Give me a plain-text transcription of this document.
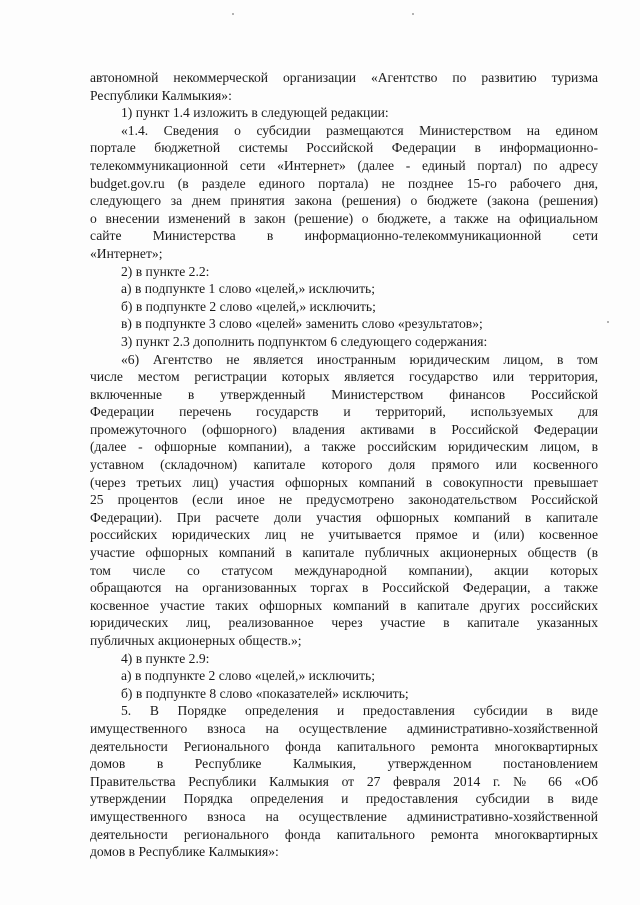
автономной некоммерческой организации «Агентство по развитию туризма
Республики Калмыкия»:
1) пункт 1.4 изложить в следующей редакции:
«1.4. Сведения о субсидии размещаются Министерством на едином
портале бюджетной системы Российской Федерации в информационно-
телекоммуникационной сети «Интернет» (далее - единый портал) по адресу
budget.gov.ru (в разделе единого портала) не позднее 15-го рабочего дня,
следующего за днем принятия закона (решения) о бюджете (закона (решения)
о внесении изменений в закон (решение) о бюджете, а также на официальном
сайте Министерства в информационно-телекоммуникационной сети
«Интернет»;
2) в пункте 2.2:
а) в подпункте 1 слово «целей,» исключить;
б) в подпункте 2 слово «целей,» исключить;
в) в подпункте 3 слово «целей» заменить слово «результатов»;
3) пункт 2.3 дополнить подпунктом 6 следующего содержания:
«6) Агентство не является иностранным юридическим лицом, в том
числе местом регистрации которых является государство или территория,
включенные в утвержденный Министерством финансов Российской
Федерации перечень государств и территорий, используемых для
промежуточного (офшорного) владения активами в Российской Федерации
(далее - офшорные компании), а также российским юридическим лицом, в
уставном (складочном) капитале которого доля прямого или косвенного
(через третьих лиц) участия офшорных компаний в совокупности превышает
25 процентов (если иное не предусмотрено законодательством Российской
Федерации). При расчете доли участия офшорных компаний в капитале
российских юридических лиц не учитывается прямое и (или) косвенное
участие офшорных компаний в капитале публичных акционерных обществ (в
том числе со статусом международной компании), акции которых
обращаются на организованных торгах в Российской Федерации, а также
косвенное участие таких офшорных компаний в капитале других российских
юридических лиц, реализованное через участие в капитале указанных
публичных акционерных обществ.»;
4) в пункте 2.9:
а) в подпункте 2 слово «целей,» исключить;
б) в подпункте 8 слово «показателей» исключить;
5. В Порядке определения и предоставления субсидии в виде
имущественного взноса на осуществление административно-хозяйственной
деятельности Регионального фонда капитального ремонта многоквартирных
домов в Республике Калмыкия, утвержденном постановлением
Правительства Республики Калмыкия от 27 февраля 2014 г. № 66 «Об
утверждении Порядка определения и предоставления субсидии в виде
имущественного взноса на осуществление административно-хозяйственной
деятельности регионального фонда капитального ремонта многоквартирных
домов в Республике Калмыкия»:
